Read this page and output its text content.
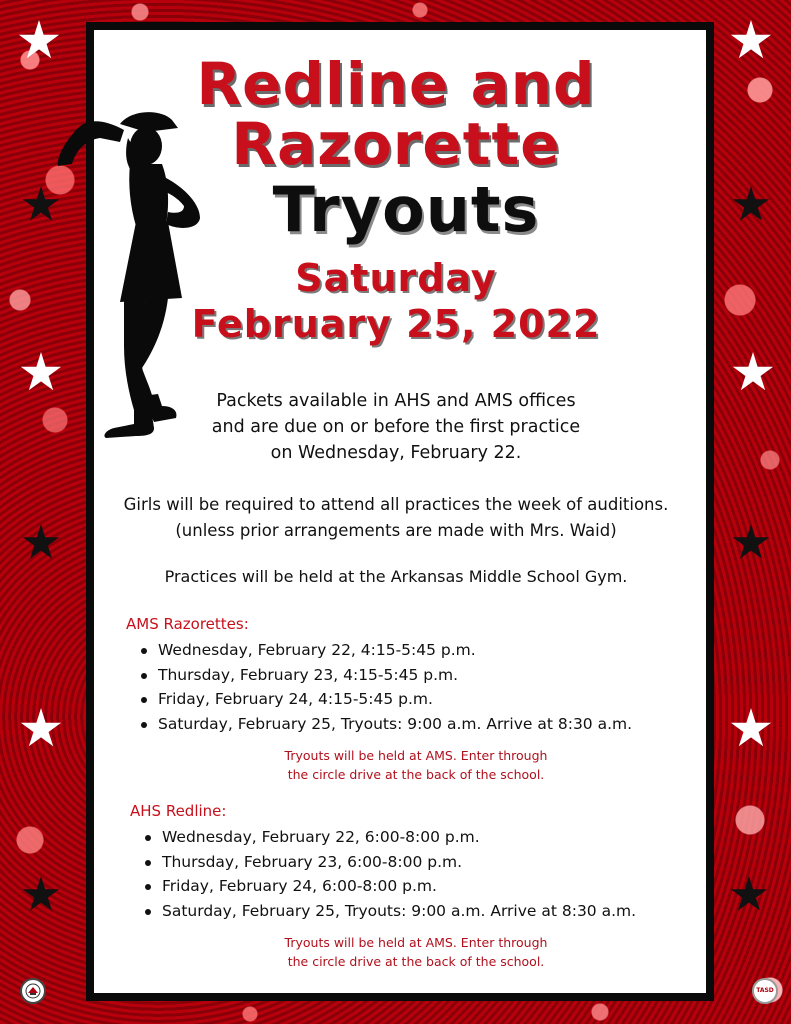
TASD
Redline and
Razorette
Tryouts
Saturday
February 25, 2022
Packets available in AHS and AMS offices
and are due on or before the first practice
on Wednesday, February 22.
Girls will be required to attend all practices the week of auditions.
(unless prior arrangements are made with Mrs. Waid)
Practices will be held at the Arkansas Middle School Gym.
AMS Razorettes:
Wednesday, February 22, 4:15-5:45 p.m.
Thursday, February 23, 4:15-5:45 p.m.
Friday, February 24, 4:15-5:45 p.m.
Saturday, February 25, Tryouts: 9:00 a.m. Arrive at 8:30 a.m.
Tryouts will be held at AMS. Enter through
the circle drive at the back of the school.
AHS Redline:
Wednesday, February 22, 6:00-8:00 p.m.
Thursday, February 23, 6:00-8:00 p.m.
Friday, February 24, 6:00-8:00 p.m.
Saturday, February 25, Tryouts: 9:00 a.m. Arrive at 8:30 a.m.
Tryouts will be held at AMS. Enter through
the circle drive at the back of the school.
